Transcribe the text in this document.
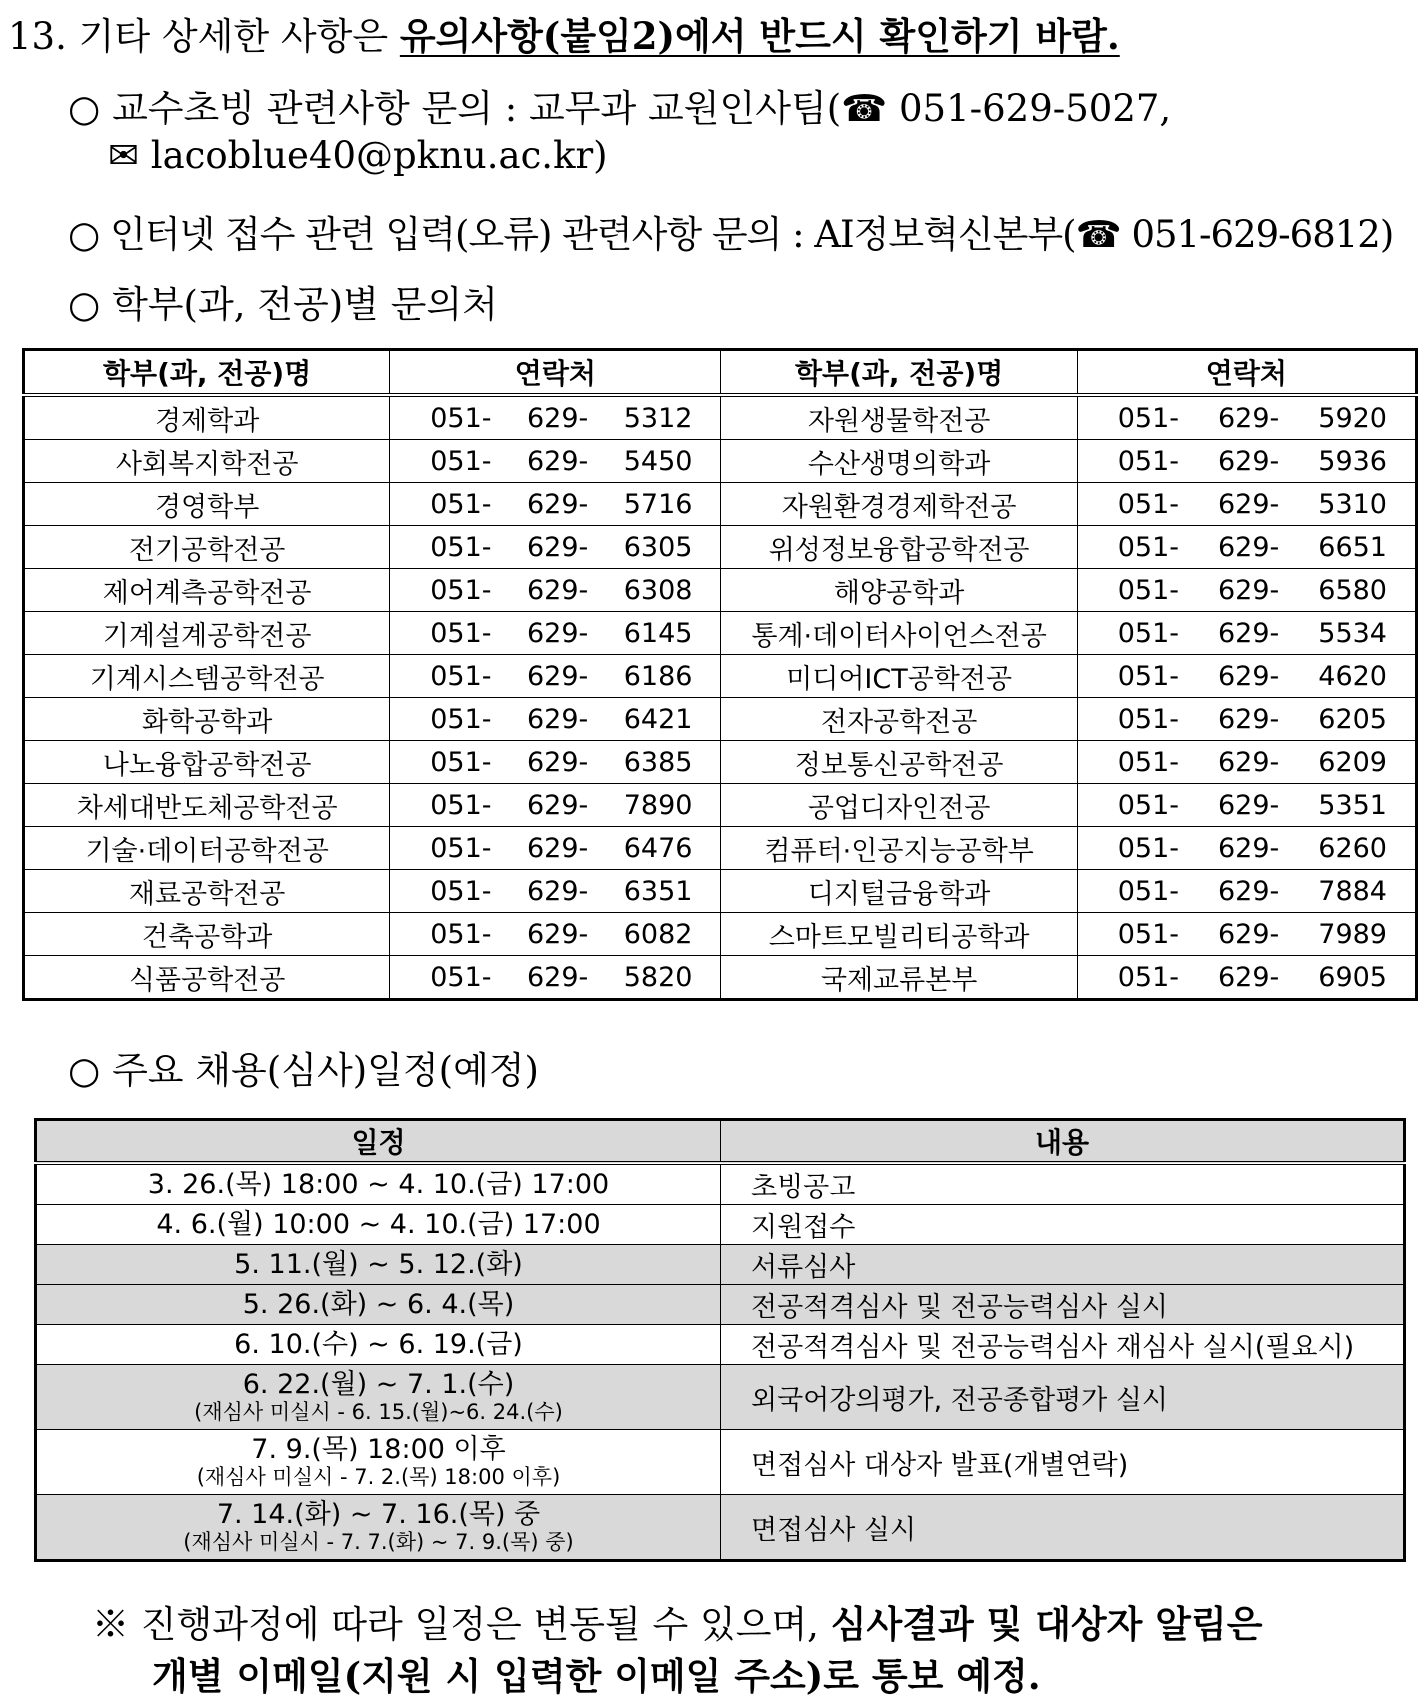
13. 기타 상세한 사항은 유의사항(붙임2)에서 반드시 확인하기 바람.
○ 교수초빙 관련사항 문의 : 교무과 교원인사팀(☎ 051-629-5027,
✉ lacoblue40@pknu.ac.kr)
○ 인터넷 접수 관련 입력(오류) 관련사항 문의 : AI정보혁신본부(☎ 051-629-6812)
○ 학부(과, 전공)별 문의처
학부(과, 전공)명	연락처	학부(과, 전공)명	연락처
경제학과	051- 629- 5312	자원생물학전공	051- 629- 5920

사회복지학전공	051- 629- 5450	수산생명의학과	051- 629- 5936

경영학부	051- 629- 5716	자원환경경제학전공	051- 629- 5310

전기공학전공	051- 629- 6305	위성정보융합공학전공	051- 629- 6651

제어계측공학전공	051- 629- 6308	해양공학과	051- 629- 6580

기계설계공학전공	051- 629- 6145	통계·데이터사이언스전공	051- 629- 5534

기계시스템공학전공	051- 629- 6186	미디어ICT공학전공	051- 629- 4620

화학공학과	051- 629- 6421	전자공학전공	051- 629- 6205

나노융합공학전공	051- 629- 6385	정보통신공학전공	051- 629- 6209

차세대반도체공학전공	051- 629- 7890	공업디자인전공	051- 629- 5351

기술·데이터공학전공	051- 629- 6476	컴퓨터·인공지능공학부	051- 629- 6260

재료공학전공	051- 629- 6351	디지털금융학과	051- 629- 7884

건축공학과	051- 629- 6082	스마트모빌리티공학과	051- 629- 7989

식품공학전공	051- 629- 5820	국제교류본부	051- 629- 6905
○ 주요 채용(심사)일정(예정)
일정	내용
3. 26.(목) 18:00 ~ 4. 10.(금) 17:00	초빙공고
4. 6.(월) 10:00 ~ 4. 10.(금) 17:00	지원접수
5. 11.(월) ~ 5. 12.(화)	서류심사
5. 26.(화) ~ 6. 4.(목)	전공적격심사 및 전공능력심사 실시
6. 10.(수) ~ 6. 19.(금)	전공적격심사 및 전공능력심사 재심사 실시(필요시)
6. 22.(월) ~ 7. 1.(수)
(재심사 미실시 - 6. 15.(월)~6. 24.(수)	외국어강의평가, 전공종합평가 실시
7. 9.(목) 18:00 이후
(재심사 미실시 - 7. 2.(목) 18:00 이후)	면접심사 대상자 발표(개별연락)
7. 14.(화) ~ 7. 16.(목) 중
(재심사 미실시 - 7. 7.(화) ~ 7. 9.(목) 중)	면접심사 실시
※ 진행과정에 따라 일정은 변동될 수 있으며, 심사결과 및 대상자 알림은
개별 이메일(지원 시 입력한 이메일 주소)로 통보 예정.
